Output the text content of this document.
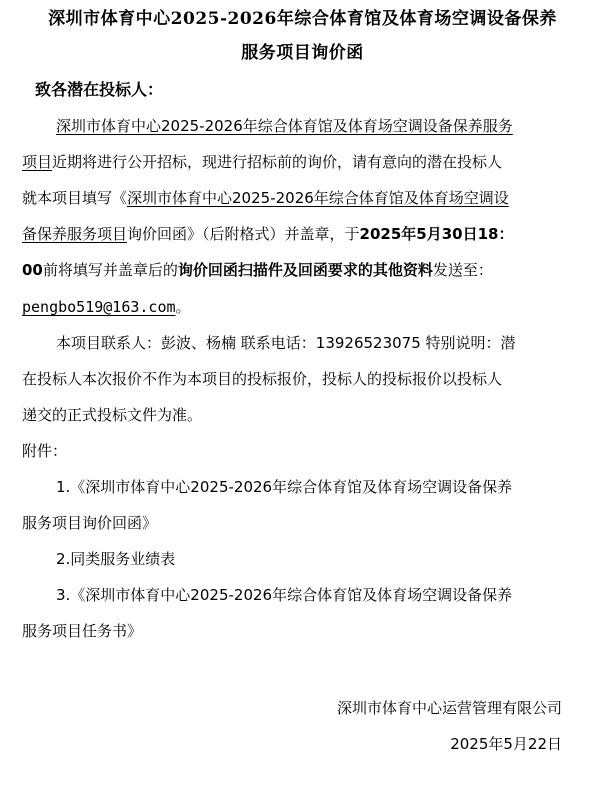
深圳市体育中心2025-2026年综合体育馆及体育场空调设备保养
服务项目询价函
致各潜在投标人：
深圳市体育中心2025-2026年综合体育馆及体育场空调设备保养服务
项目近期将进行公开招标，现进行招标前的询价，请有意向的潜在投标人
就本项目填写《深圳市体育中心2025-2026年综合体育馆及体育场空调设
备保养服务项目询价回函》（后附格式）并盖章，于2025年5月30日18：
00前将填写并盖章后的询价回函扫描件及回函要求的其他资料发送至：
pengbo519@163.com。
本项目联系人：彭波、杨楠 联系电话：13926523075 特别说明：潜
在投标人本次报价不作为本项目的投标报价，投标人的投标报价以投标人
递交的正式投标文件为准。
附件：
1.《深圳市体育中心2025-2026年综合体育馆及体育场空调设备保养
服务项目询价回函》
2.同类服务业绩表
3.《深圳市体育中心2025-2026年综合体育馆及体育场空调设备保养
服务项目任务书》
深圳市体育中心运营管理有限公司
2025年5月22日
